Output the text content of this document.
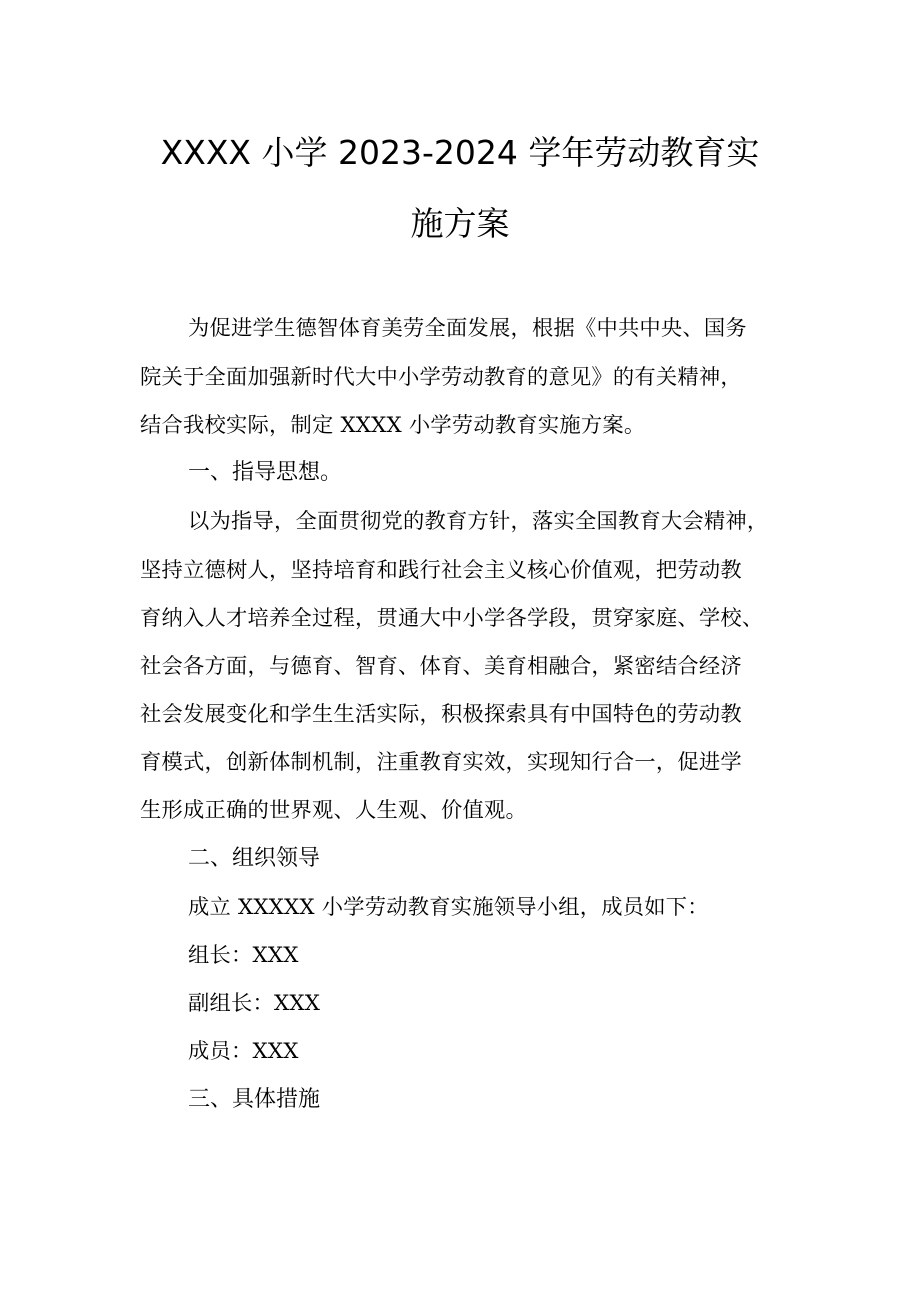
XXXX 小学 2023-2024 学年劳动教育实
施方案
为促进学生德智体育美劳全面发展，根据《中共中央、国务
院关于全面加强新时代大中小学劳动教育的意见》的有关精神，
结合我校实际，制定 XXXX 小学劳动教育实施方案。
一、指导思想。
以为指导，全面贯彻党的教育方针，落实全国教育大会精神，
坚持立德树人，坚持培育和践行社会主义核心价值观，把劳动教
育纳入人才培养全过程，贯通大中小学各学段，贯穿家庭、学校、
社会各方面，与德育、智育、体育、美育相融合，紧密结合经济
社会发展变化和学生生活实际，积极探索具有中国特色的劳动教
育模式，创新体制机制，注重教育实效，实现知行合一，促进学
生形成正确的世界观、人生观、价值观。
二、组织领导
成立 XXXXX 小学劳动教育实施领导小组，成员如下：
组长：XXX
副组长：XXX
成员：XXX
三、具体措施
